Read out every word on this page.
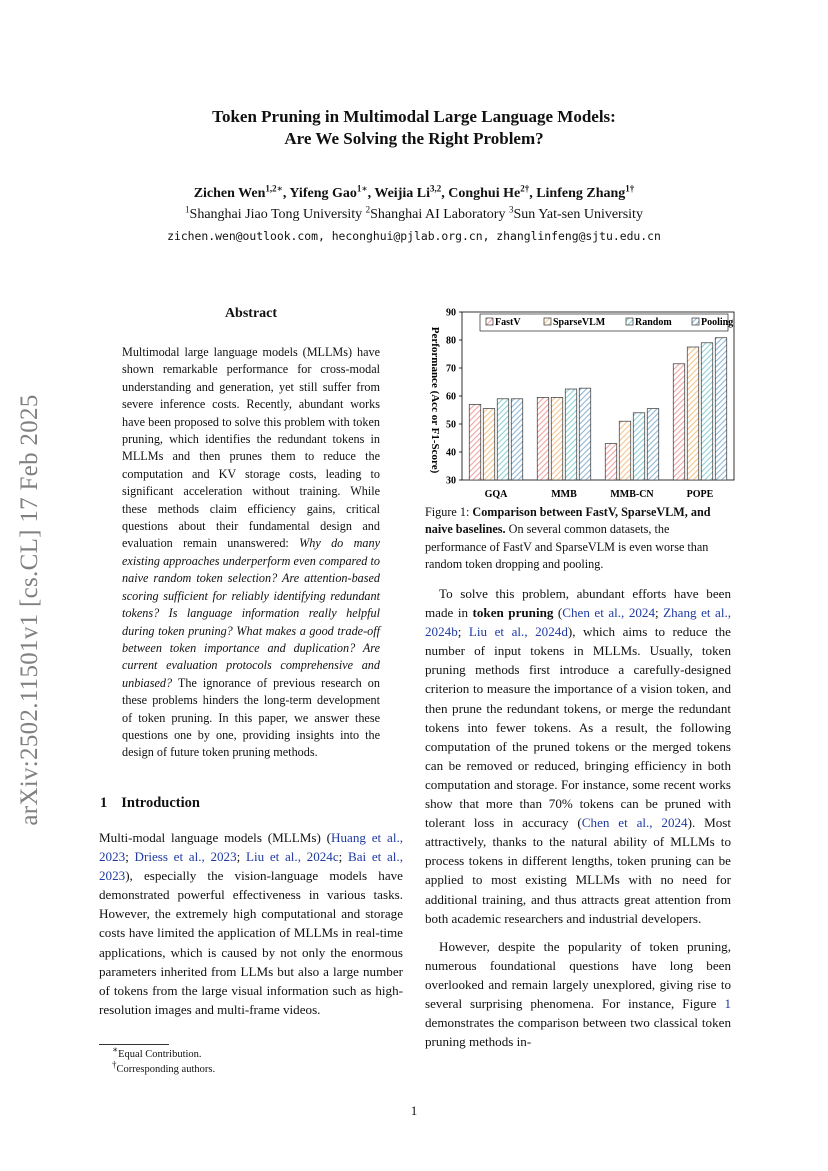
arXiv:2502.11501v1 [cs.CL] 17 Feb 2025
Token Pruning in Multimodal Large Language Models:
Are We Solving the Right Problem?
Zichen Wen$^{1,2∗}$, Yifeng Gao$^{1∗}$, Weijia Li$^{3,2}$, Conghui $He^{2\dagger}$, Linfeng Zhang$^{1\dagger}$
$^1$Shanghai Jiao Tong University $^2$Shanghai AI Laboratory $^3$Sun Yat-sen University
zichen.wen@outlook.com, heconghui@pjlab.org.cn, zhanglinfeng@sjtu.edu.cn
Abstract
Multimodal large language models (MLLMs) have shown remarkable performance for cross-modal understanding and generation, yet still suffer from severe inference costs. Recently, abundant works have been proposed to solve this problem with token pruning, which identifies the redundant tokens in MLLMs and then prunes them to reduce the computation and KV storage costs, leading to significant acceleration without training. While these methods claim efficiency gains, critical questions about their fundamental design and evaluation remain unanswered: Why do many existing approaches underperform even compared to naive random token selection? Are attention-based scoring sufficient for reliably identifying redundant tokens? Is language information really helpful during token pruning? What makes a good trade-off between token importance and duplication? Are current evaluation protocols comprehensive and unbiased? The ignorance of previous research on these problems hinders the long-term development of token pruning. In this paper, we answer these questions one by one, providing insights into the design of future token pruning methods.
1 Introduction
Multi-modal language models (MLLMs) (Huang et al., 2023; Driess et al., 2023; Liu et al., 2024c; Bai et al., 2023), especially the vision-language models have demonstrated powerful effectiveness in various tasks. However, the extremely high computational and storage costs have limited the application of MLLMs in real-time applications, which is caused by not only the enormous parameters inherited from LLMs but also a large number of tokens from the large visual information such as high-resolution images and multi-frame videos.
∗Equal Contribution.
†Corresponding authors.
Performance (Acc or F1-Score)
30
40
50
60
70
80
90
GQA	MMB	MMB-CN	POPE
FastV	SparseVLM	Random	Pooling
Figure 1: Comparison between FastV, SparseVLM, and naive baselines. On several common datasets, the performance of FastV and SparseVLM is even worse than random token dropping and pooling.

To solve this problem, abundant efforts have been made in token pruning (Chen et al., 2024; Zhang et al., 2024b; Liu et al., 2024d), which aims to reduce the number of input tokens in MLLMs. Usually, token pruning methods first introduce a carefully-designed criterion to measure the importance of a vision token, and then prune the redundant tokens, or merge the redundant tokens into fewer tokens. As a result, the following computation of the pruned tokens or the merged tokens can be removed or reduced, bringing efficiency in both computation and storage. For instance, some recent works show that more than 70% tokens can be pruned with tolerant loss in accuracy (Chen et al., 2024). Most attractively, thanks to the natural ability of MLLMs to process tokens in different lengths, token pruning can be applied to most existing MLLMs with no need for additional training, and thus attracts great attention from both academic researchers and industrial developers.

However, despite the popularity of token pruning, numerous foundational questions have long been overlooked and remain largely unexplored, giving rise to several surprising phenomena. For instance, Figure 1 demonstrates the comparison between two classical token pruning methods in-

1
